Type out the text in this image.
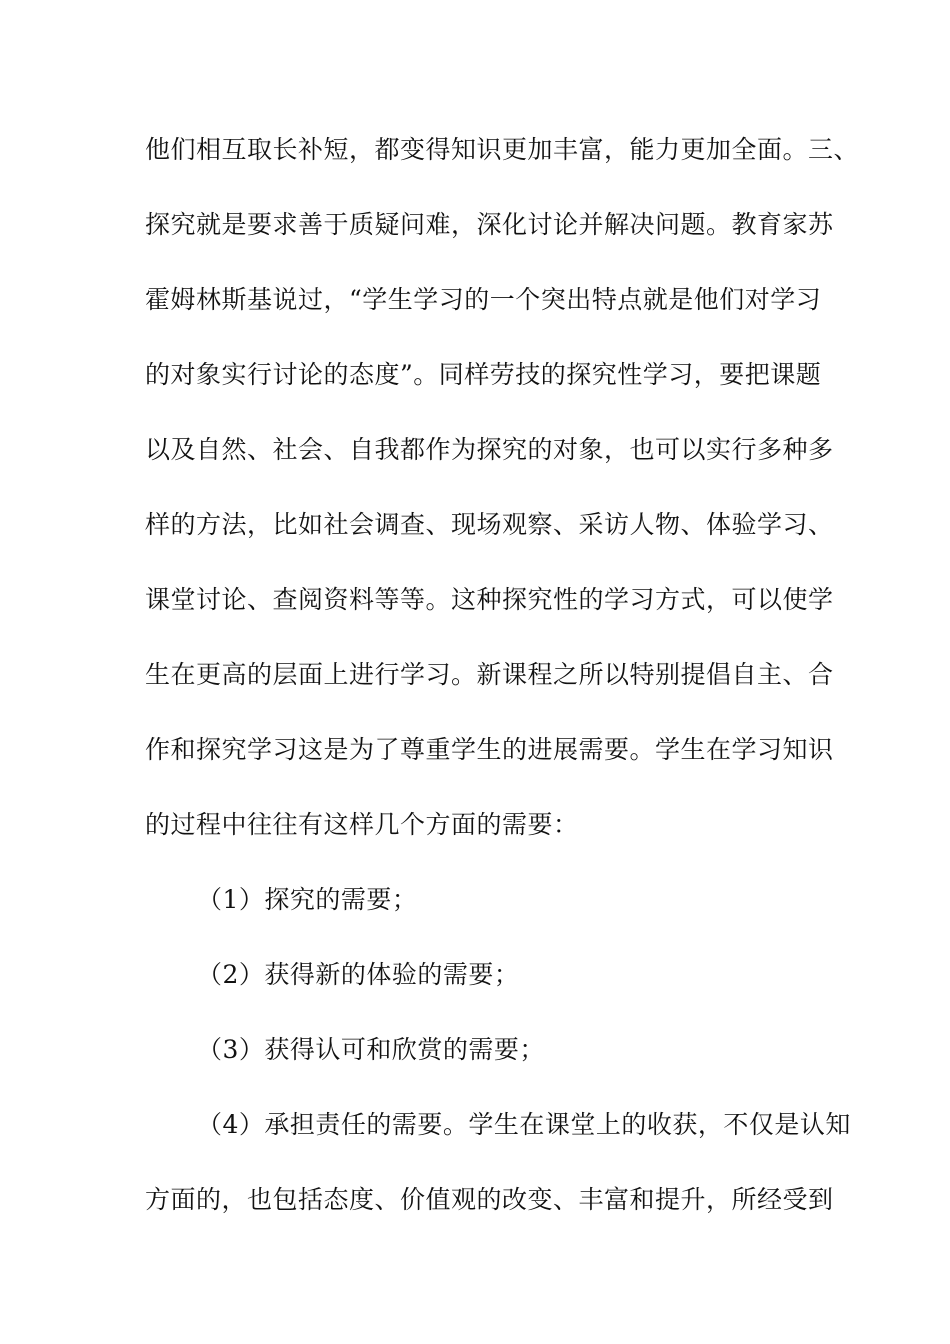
他们相互取长补短，都变得知识更加丰富，能力更加全面。三、
探究就是要求善于质疑问难，深化讨论并解决问题。教育家苏
霍姆林斯基说过，“学生学习的一个突出特点就是他们对学习
的对象实行讨论的态度”。同样劳技的探究性学习，要把课题
以及自然、社会、自我都作为探究的对象，也可以实行多种多
样的方法，比如社会调查、现场观察、采访人物、体验学习、
课堂讨论、查阅资料等等。这种探究性的学习方式，可以使学
生在更高的层面上进行学习。新课程之所以特别提倡自主、合
作和探究学习这是为了尊重学生的进展需要。学生在学习知识
的过程中往往有这样几个方面的需要：
（1）探究的需要；
（2）获得新的体验的需要；
（3）获得认可和欣赏的需要；
（4）承担责任的需要。学生在课堂上的收获，不仅是认知
方面的，也包括态度、价值观的改变、丰富和提升，所经受到
